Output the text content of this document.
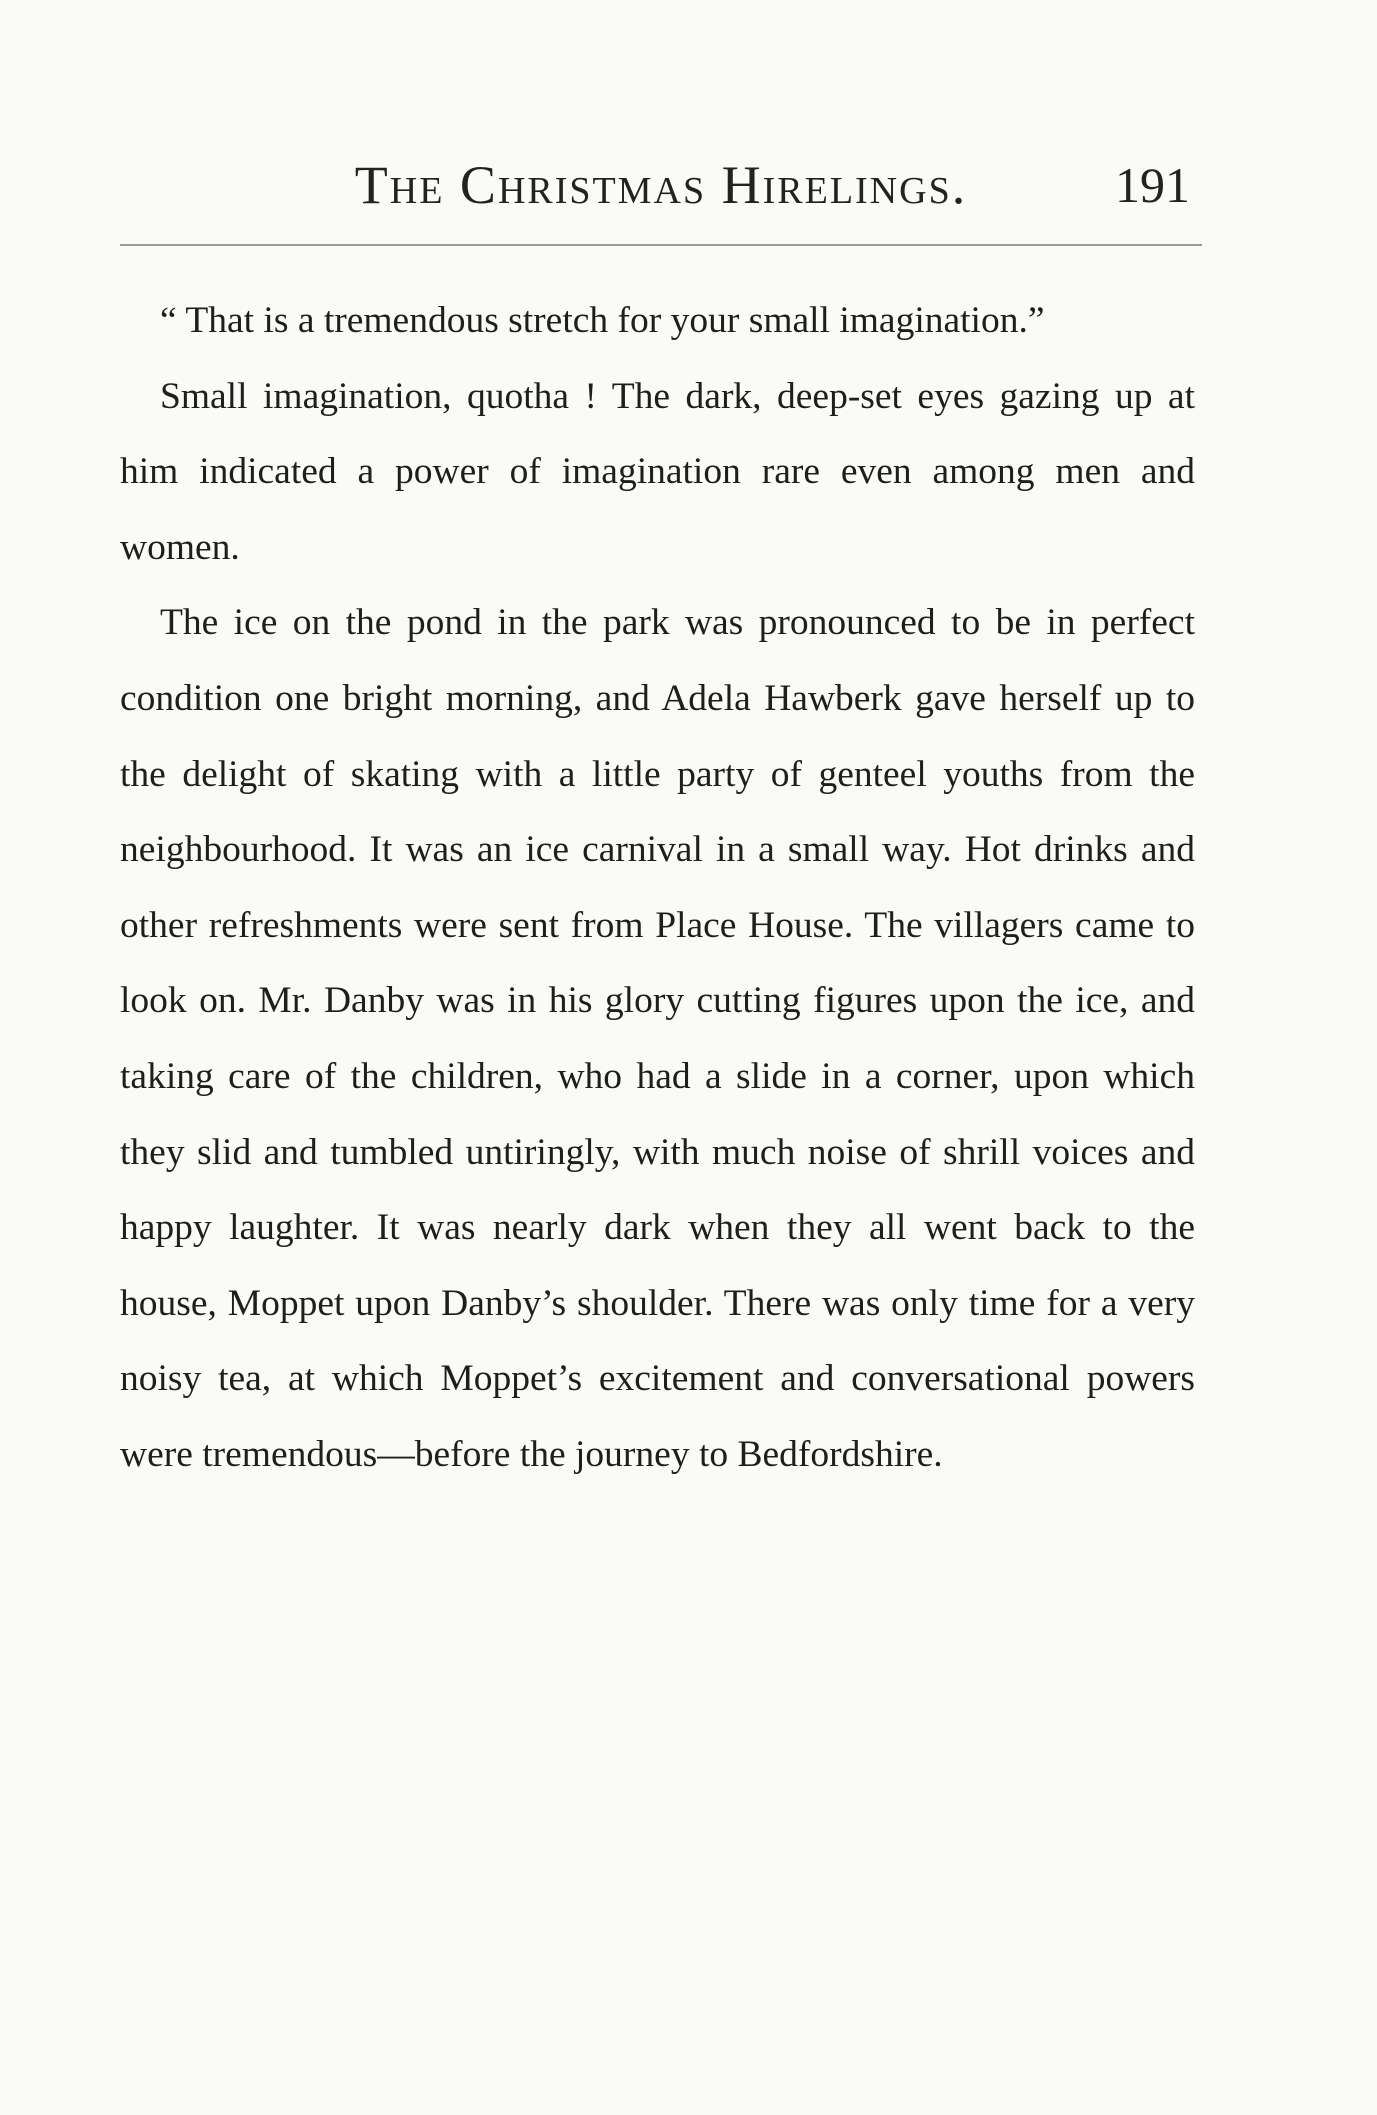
The Christmas Hirelings.	191

“ That is a tremendous stretch for your small imagination.”

Small imagination, quotha ! The dark, deep-set eyes gazing up at him indicated a power of imagination rare even among men and women.

The ice on the pond in the park was pronounced to be in perfect condition one bright morning, and Adela Hawberk gave herself up to the delight of skating with a little party of genteel youths from the neighbourhood. It was an ice carnival in a small way. Hot drinks and other refreshments were sent from Place House. The villagers came to look on. Mr. Danby was in his glory cutting figures upon the ice, and taking care of the children, who had a slide in a corner, upon which they slid and tumbled untiringly, with much noise of shrill voices and happy laughter. It was nearly dark when they all went back to the house, Moppet upon Danby’s shoulder. There was only time for a very noisy tea, at which Moppet’s excitement and conversational powers were tremendous—before the journey to Bedfordshire.
